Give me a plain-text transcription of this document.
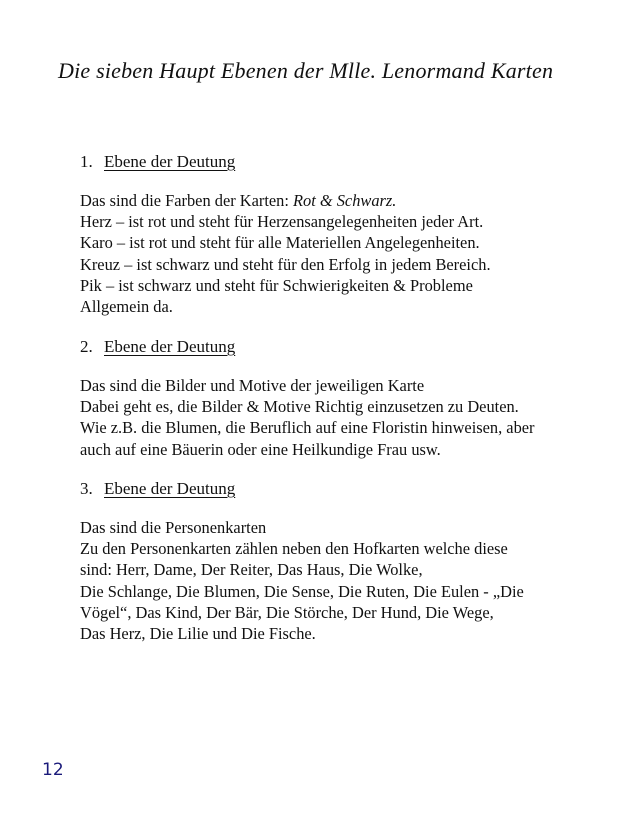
Die sieben Haupt Ebenen der Mlle. Lenormand Karten
1. Ebene der Deutung
Das sind die Farben der Karten: Rot & Schwarz.
Herz – ist rot und steht für Herzensangelegenheiten jeder Art.
Karo – ist rot und steht für alle Materiellen Angelegenheiten.
Kreuz – ist schwarz und steht für den Erfolg in jedem Bereich.
Pik – ist schwarz und steht für Schwierigkeiten & Probleme
Allgemein da.
2. Ebene der Deutung
Das sind die Bilder und Motive der jeweiligen Karte
Dabei geht es, die Bilder & Motive Richtig einzusetzen zu Deuten.
Wie z.B. die Blumen, die Beruflich auf eine Floristin hinweisen, aber
auch auf eine Bäuerin oder eine Heilkundige Frau usw.
3. Ebene der Deutung
Das sind die Personenkarten
Zu den Personenkarten zählen neben den Hofkarten welche diese
sind: Herr, Dame, Der Reiter, Das Haus, Die Wolke,
Die Schlange, Die Blumen, Die Sense, Die Ruten, Die Eulen - „Die
Vögel“, Das Kind, Der Bär, Die Störche, Der Hund, Die Wege,
Das Herz, Die Lilie und Die Fische.
12
